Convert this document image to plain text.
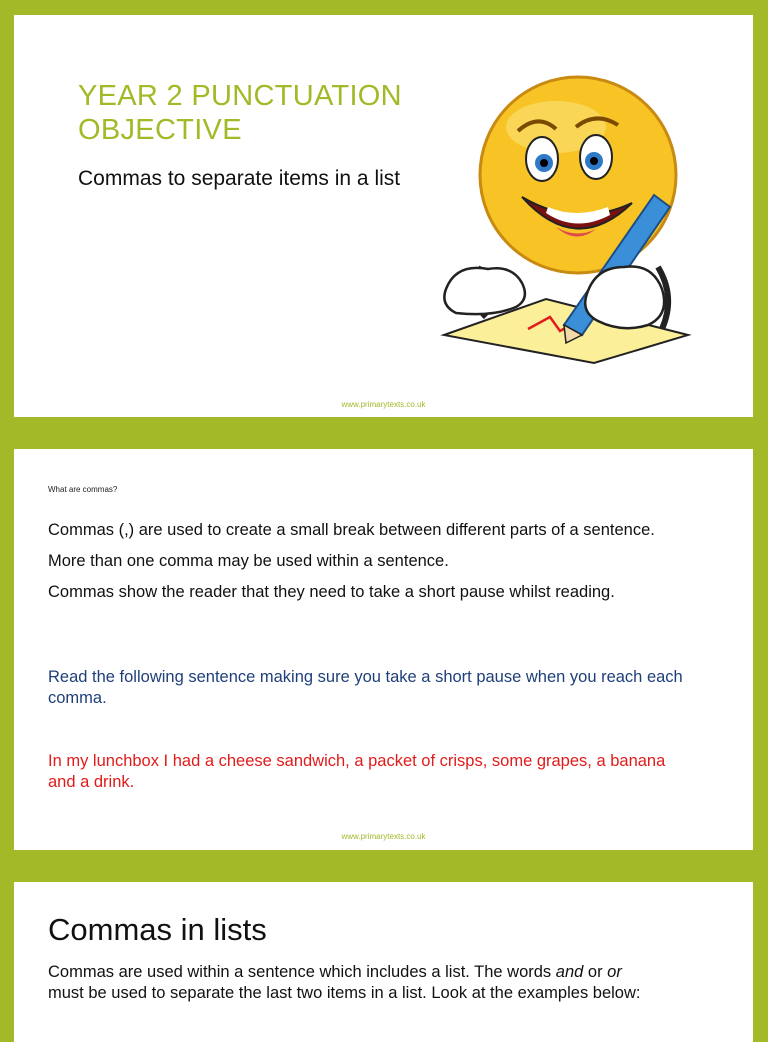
YEAR 2 PUNCTUATION
OBJECTIVE

Commas to separate items in a list

www.primarytexts.co.uk
What are commas?

Commas (,) are used to create a small break between different parts of a sentence.

More than one comma may be used within a sentence.

Commas show the reader that they need to take a short pause whilst reading.

Read the following sentence making sure you take a short pause when you reach each comma.

In my lunchbox I had a cheese sandwich, a packet of crisps, some grapes, a banana and a drink.

www.primarytexts.co.uk
Commas in lists

Commas are used within a sentence which includes a list. The words and or or must be used to separate the last two items in a list. Look at the examples below:
